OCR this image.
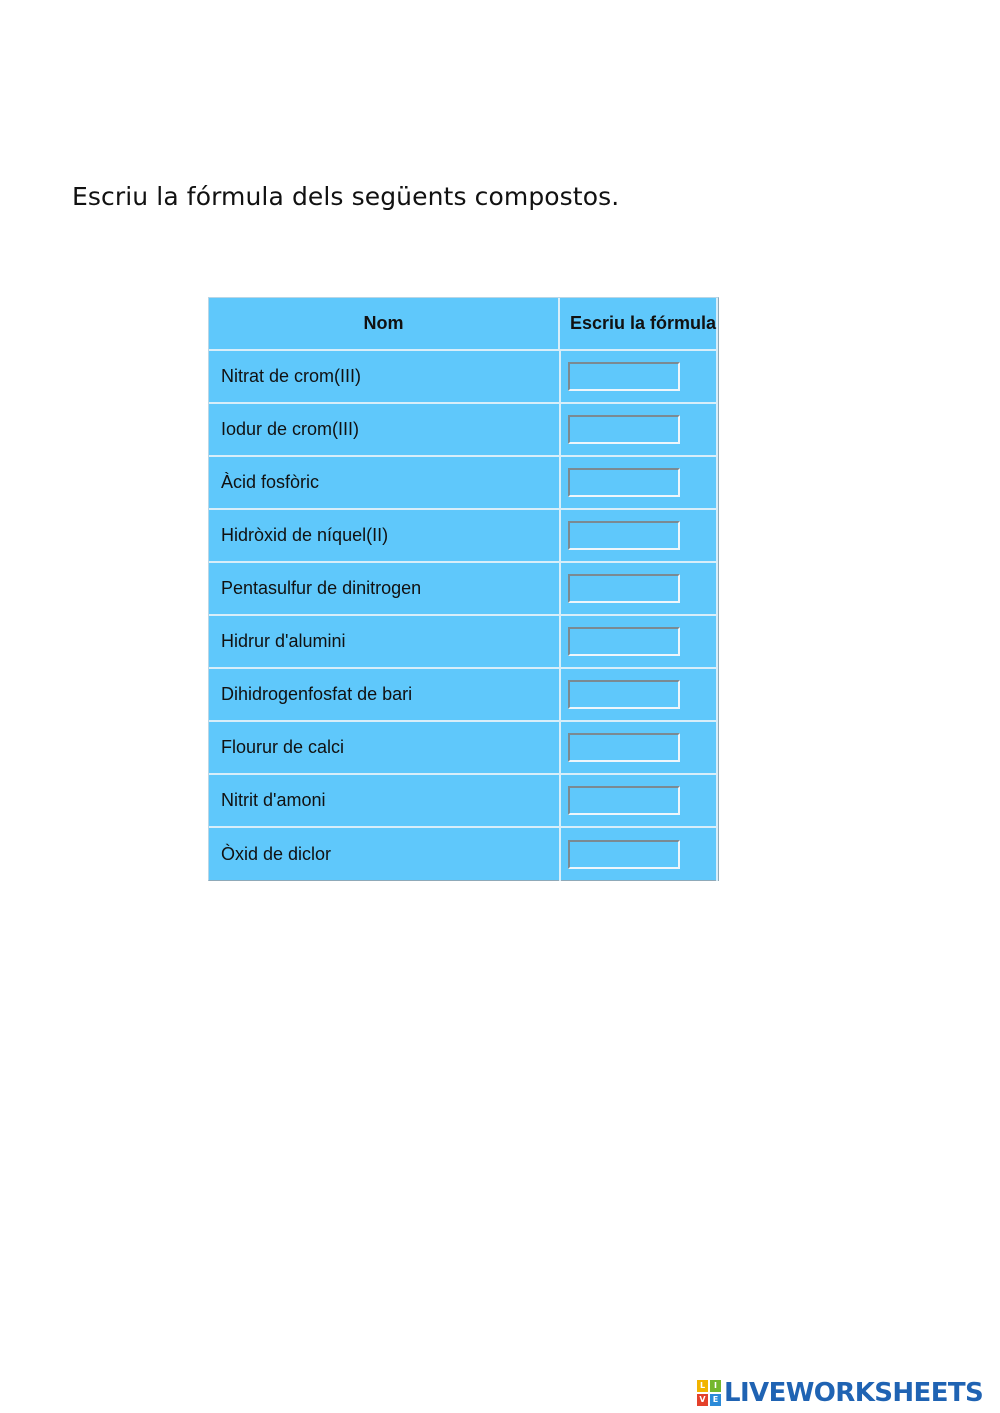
Escriu la fórmula dels següents compostos.
Nom	Escriu la fórmula
Nitrat de crom(III)
Iodur de crom(III)
Àcid fosfòric
Hidròxid de níquel(II)
Pentasulfur de dinitrogen
Hidrur d'alumini
Dihidrogenfosfat de bari
Flourur de calci
Nitrit d'amoni
Òxid de diclor
L	I
V E LIVEWORKSHEETS
